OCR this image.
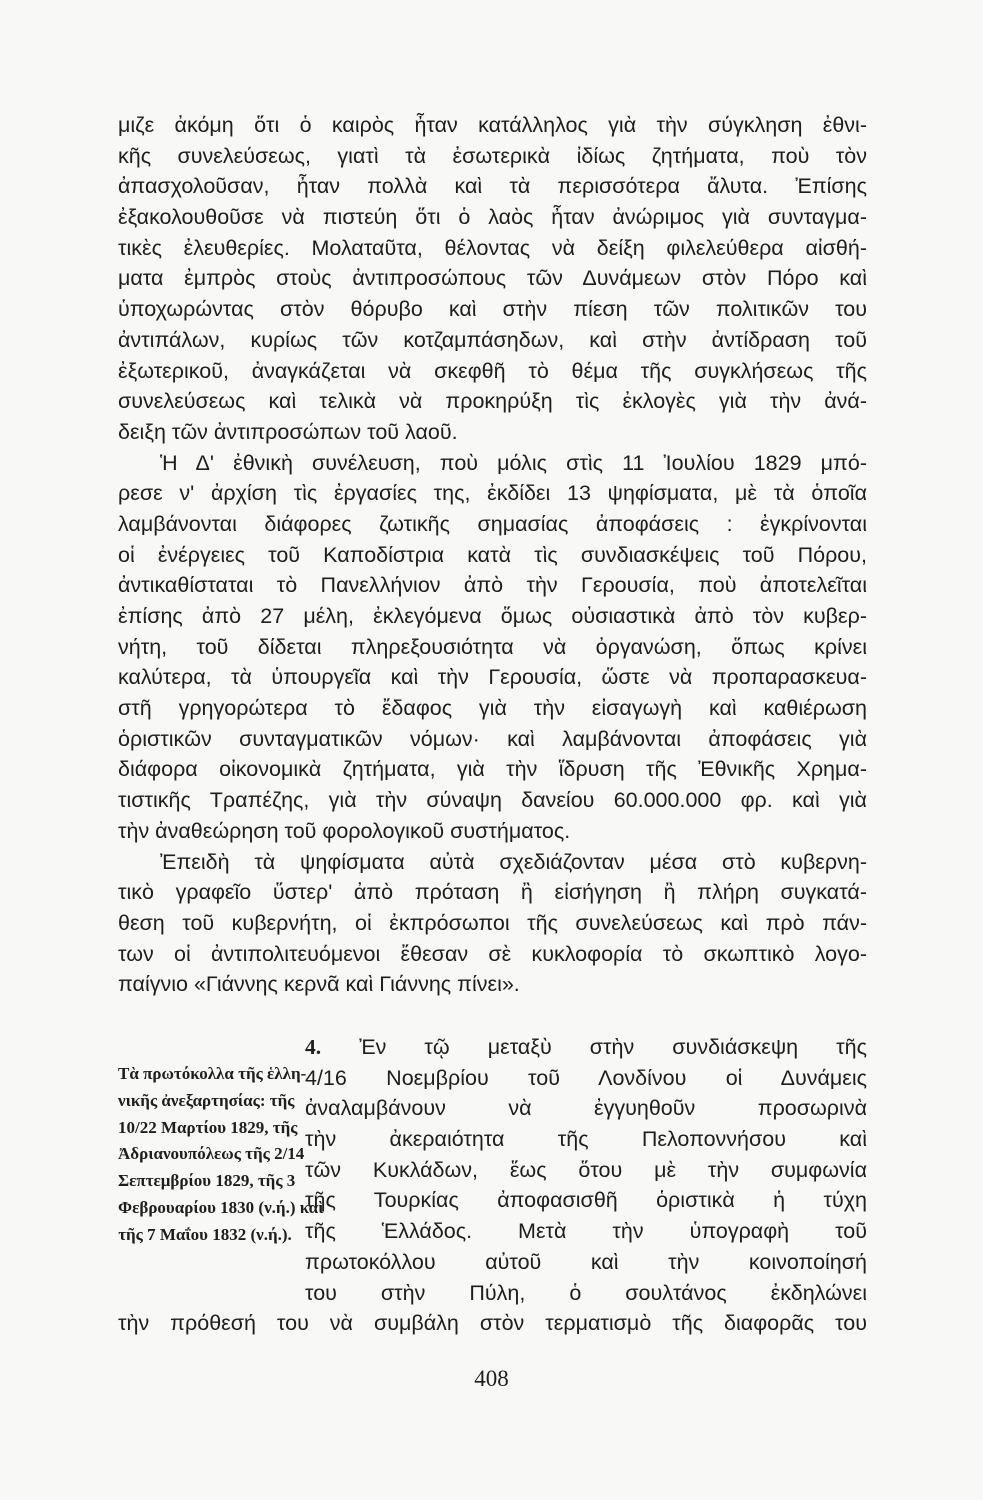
μιζε ἀκόμη ὅτι ὁ καιρὸς ἦταν κατάλληλος γιὰ τὴν σύγκληση ἐθνι-
κῆς συνελεύσεως, γιατὶ τὰ ἐσωτερικὰ ἰδίως ζητήματα, ποὺ τὸν
ἀπασχολοῦσαν, ἦταν πολλὰ καὶ τὰ περισσότερα ἄλυτα. Ἐπίσης
ἐξακολουθοῦσε νὰ πιστεύη ὅτι ὁ λαὸς ἦταν ἀνώριμος γιὰ συνταγμα-
τικὲς ἐλευθερίες. Μολαταῦτα, θέλοντας νὰ δείξη φιλελεύθερα αἰσθή-
ματα ἐμπρὸς στοὺς ἀντιπροσώπους τῶν Δυνάμεων στὸν Πόρο καὶ
ὑποχωρώντας στὸν θόρυβο καὶ στὴν πίεση τῶν πολιτικῶν του
ἀντιπάλων, κυρίως τῶν κοτζαμπάσηδων, καὶ στὴν ἀντίδραση τοῦ
ἐξωτερικοῦ, ἀναγκάζεται νὰ σκεφθῆ τὸ θέμα τῆς συγκλήσεως τῆς
συνελεύσεως καὶ τελικὰ νὰ προκηρύξη τὶς ἐκλογὲς γιὰ τὴν ἀνά-
δειξη τῶν ἀντιπροσώπων τοῦ λαοῦ.
Ἡ Δ' ἐθνικὴ συνέλευση, ποὺ μόλις στὶς 11 Ἰουλίου 1829 μπό-
ρεσε ν' ἀρχίση τὶς ἐργασίες της, ἐκδίδει 13 ψηφίσματα, μὲ τὰ ὁποῖα
λαμβάνονται διάφορες ζωτικῆς σημασίας ἀποφάσεις : ἐγκρίνονται
οἱ ἐνέργειες τοῦ Καποδίστρια κατὰ τὶς συνδιασκέψεις τοῦ Πόρου,
ἀντικαθίσταται τὸ Πανελλήνιον ἀπὸ τὴν Γερουσία, ποὺ ἀποτελεῖται
ἐπίσης ἀπὸ 27 μέλη, ἐκλεγόμενα ὅμως οὐσιαστικὰ ἀπὸ τὸν κυβερ-
νήτη, τοῦ δίδεται πληρεξουσιότητα νὰ ὀργανώση, ὅπως κρίνει
καλύτερα, τὰ ὑπουργεῖα καὶ τὴν Γερουσία, ὥστε νὰ προπαρασκευα-
στῆ γρηγορώτερα τὸ ἔδαφος γιὰ τὴν εἰσαγωγὴ καὶ καθιέρωση
ὁριστικῶν συνταγματικῶν νόμων· καὶ λαμβάνονται ἀποφάσεις γιὰ
διάφορα οἰκονομικὰ ζητήματα, γιὰ τὴν ἵδρυση τῆς Ἐθνικῆς Χρημα-
τιστικῆς Τραπέζης, γιὰ τὴν σύναψη δανείου 60.000.000 φρ. καὶ γιὰ
τὴν ἀναθεώρηση τοῦ φορολογικοῦ συστήματος.
Ἐπειδὴ τὰ ψηφίσματα αὐτὰ σχεδιάζονταν μέσα στὸ κυβερνη-
τικὸ γραφεῖο ὕστερ' ἀπὸ πρόταση ἢ εἰσήγηση ἢ πλήρη συγκατά-
θεση τοῦ κυβερνήτη, οἱ ἐκπρόσωποι τῆς συνελεύσεως καὶ πρὸ πάν-
των οἱ ἀντιπολιτευόμενοι ἔθεσαν σὲ κυκλοφορία τὸ σκωπτικὸ λογο-
παίγνιο «Γιάννης κερνᾶ καὶ Γιάννης πίνει».
Τὰ πρωτόκολλα τῆς ἑλλη-
νικῆς ἀνεξαρτησίας: τῆς
10/22 Μαρτίου 1829, τῆς
Ἀδριανουπόλεως τῆς 2/14
Σεπτεμβρίου 1829, τῆς 3
Φεβρουαρίου 1830 (ν.ή.) καὶ
τῆς 7 Μαΐου 1832 (ν.ή.).
4. Ἐν τῷ μεταξὺ στὴν συνδιάσκεψη τῆς
4/16 Νοεμβρίου τοῦ Λονδίνου οἱ Δυνάμεις
ἀναλαμβάνουν νὰ ἐγγυηθοῦν προσωρινὰ
τὴν ἀκεραιότητα τῆς Πελοποννήσου καὶ
τῶν Κυκλάδων, ἕως ὅτου μὲ τὴν συμφωνία
τῆς Τουρκίας ἀποφασισθῆ ὁριστικὰ ἡ τύχη
τῆς Ἑλλάδος. Μετὰ τὴν ὑπογραφὴ τοῦ
πρωτοκόλλου αὐτοῦ καὶ τὴν κοινοποίησή
του στὴν Πύλη, ὁ σουλτάνος ἐκδηλώνει
τὴν πρόθεσή του νὰ συμβάλη στὸν τερματισμὸ τῆς διαφορᾶς του
408
